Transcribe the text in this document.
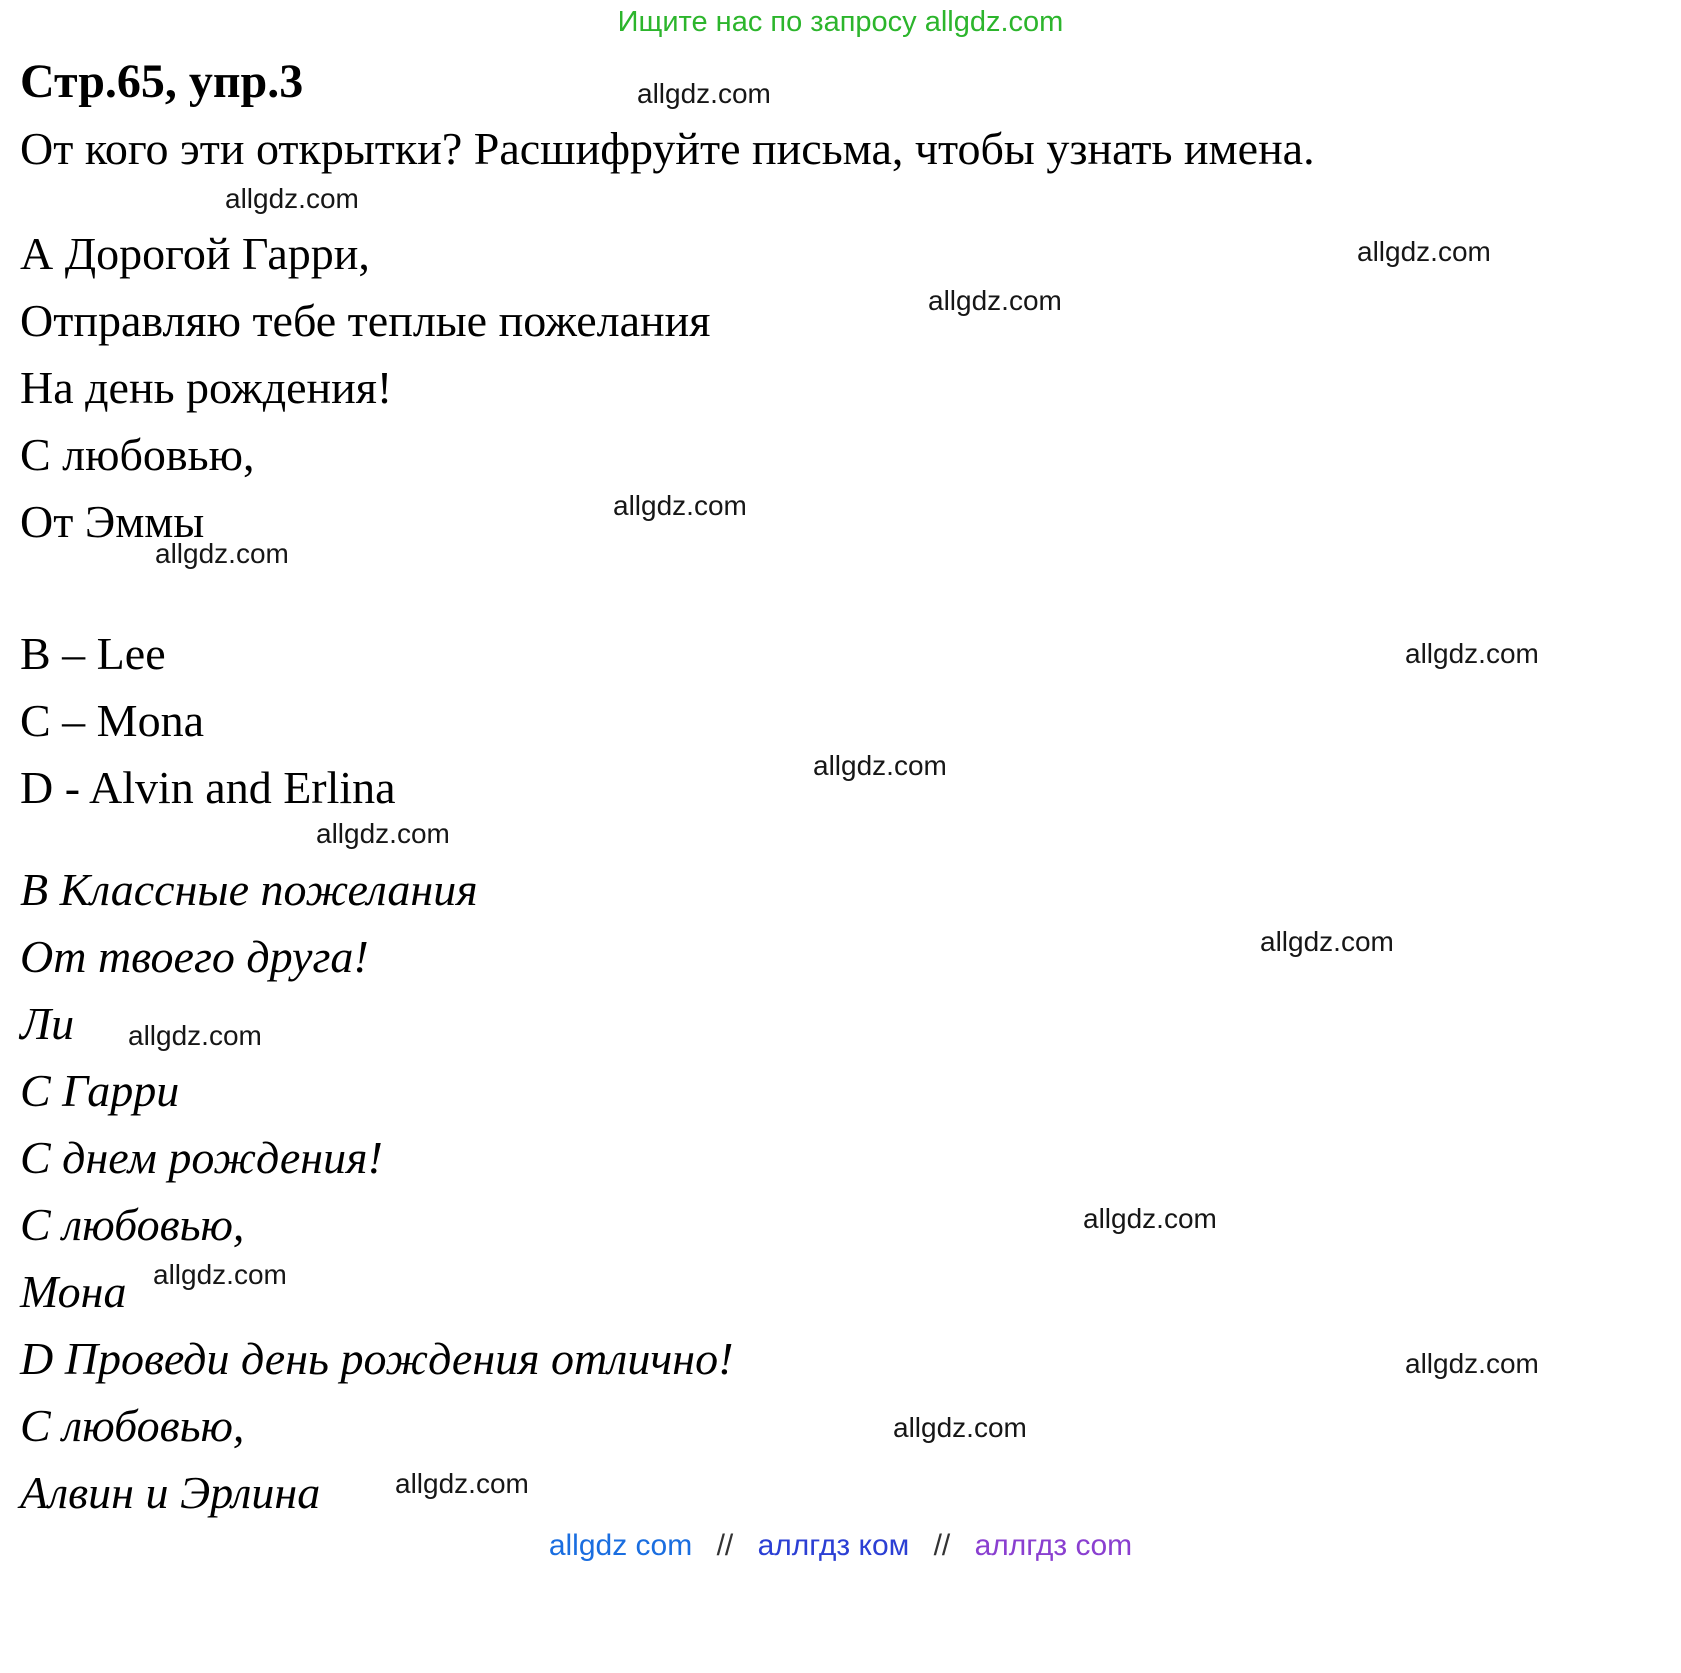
Ищите нас по запросу allgdz.com
Стр.65, упр.3

От кого эти открытки? Расшифруйте письма, чтобы узнать имена.

А Дорогой Гарри,

Отправляю тебе теплые пожелания

На день рождения!

С любовью,

От Эммы

B – Lee

C – Mona

D - Alvin and Erlina

В Классные пожелания

От твоего друга!

Ли

С Гарри

С днем рождения!

С любовью,

Мона

D Проведи день рождения отлично!

С любовью,

Алвин и Эрлина

allgdz com // аллгдз ком // аллгдз com
allgdz.com
allgdz.com
allgdz.com
allgdz.com
allgdz.com
allgdz.com
allgdz.com
allgdz.com
allgdz.com
allgdz.com
allgdz.com
allgdz.com
allgdz.com
allgdz.com
allgdz.com
allgdz.com
